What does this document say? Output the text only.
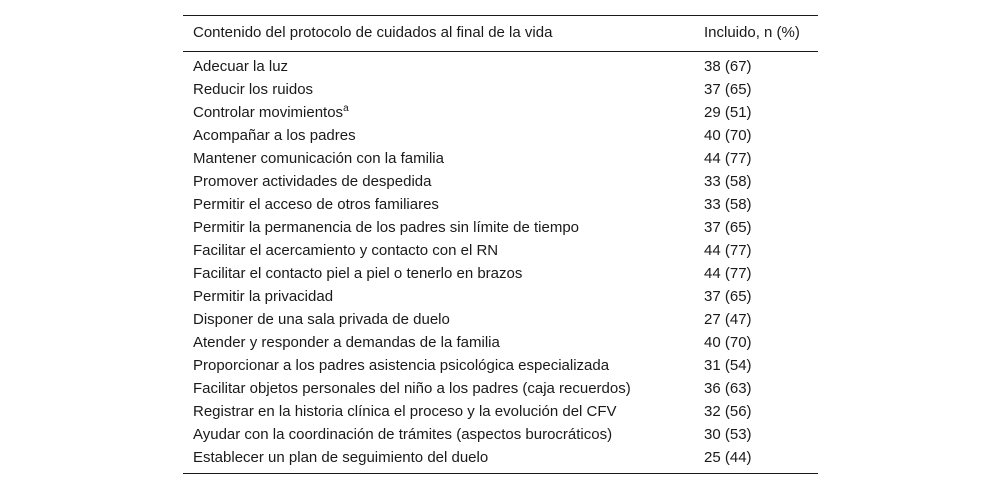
Contenido del protocolo de cuidados al final de la vida	Incluido, n (%)
Adecuar la luz	38 (67)
Reducir los ruidos	37 (65)
Controlar movimientos$^a$	29 (51)
Acompañar a los padres	40 (70)
Mantener comunicación con la familia	44 (77)
Promover actividades de despedida	33 (58)
Permitir el acceso de otros familiares	33 (58)
Permitir la permanencia de los padres sin límite de tiempo	37 (65)
Facilitar el acercamiento y contacto con el RN	44 (77)
Facilitar el contacto piel a piel o tenerlo en brazos	44 (77)
Permitir la privacidad	37 (65)
Disponer de una sala privada de duelo	27 (47)
Atender y responder a demandas de la familia	40 (70)
Proporcionar a los padres asistencia psicológica especializada	31 (54)
Facilitar objetos personales del niño a los padres (caja recuerdos)	36 (63)
Registrar en la historia clínica el proceso y la evolución del CFV	32 (56)
Ayudar con la coordinación de trámites (aspectos burocráticos)	30 (53)
Establecer un plan de seguimiento del duelo	25 (44)
